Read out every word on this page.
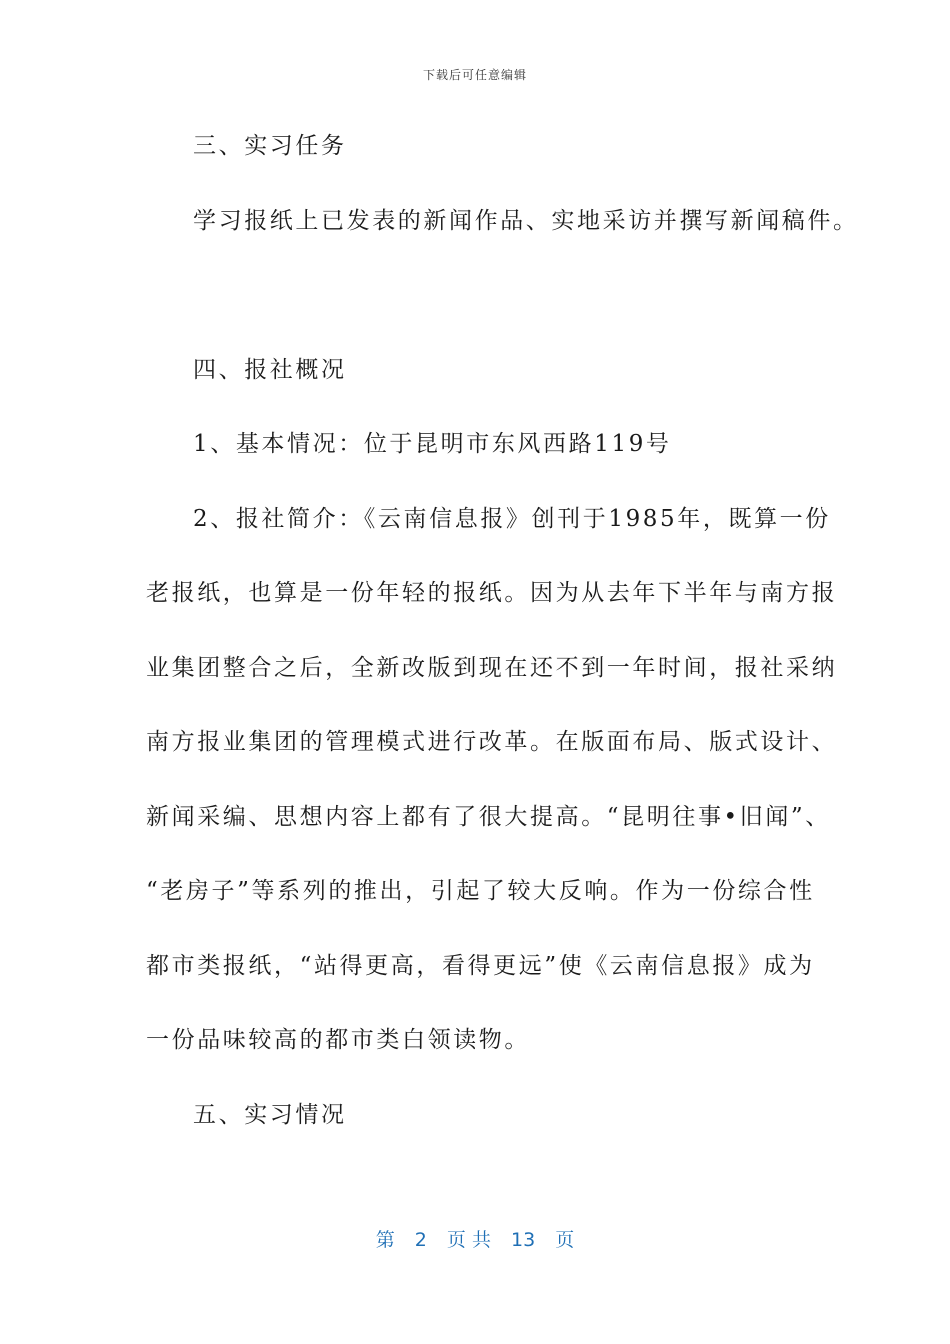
下载后可任意编辑
三、实习任务
学习报纸上已发表的新闻作品、实地采访并撰写新闻稿件。
四、报社概况
1、基本情况：位于昆明市东风西路119号
2、报社简介：《云南信息报》创刊于1985年，既算一份
老报纸，也算是一份年轻的报纸。因为从去年下半年与南方报
业集团整合之后，全新改版到现在还不到一年时间，报社采纳
南方报业集团的管理模式进行改革。在版面布局、版式设计、
新闻采编、思想内容上都有了很大提高。“昆明往事•旧闻”、
“老房子”等系列的推出，引起了较大反响。作为一份综合性
都市类报纸，“站得更高，看得更远”使《云南信息报》成为
一份品味较高的都市类白领读物。
五、实习情况
第 2 页 共 13 页
